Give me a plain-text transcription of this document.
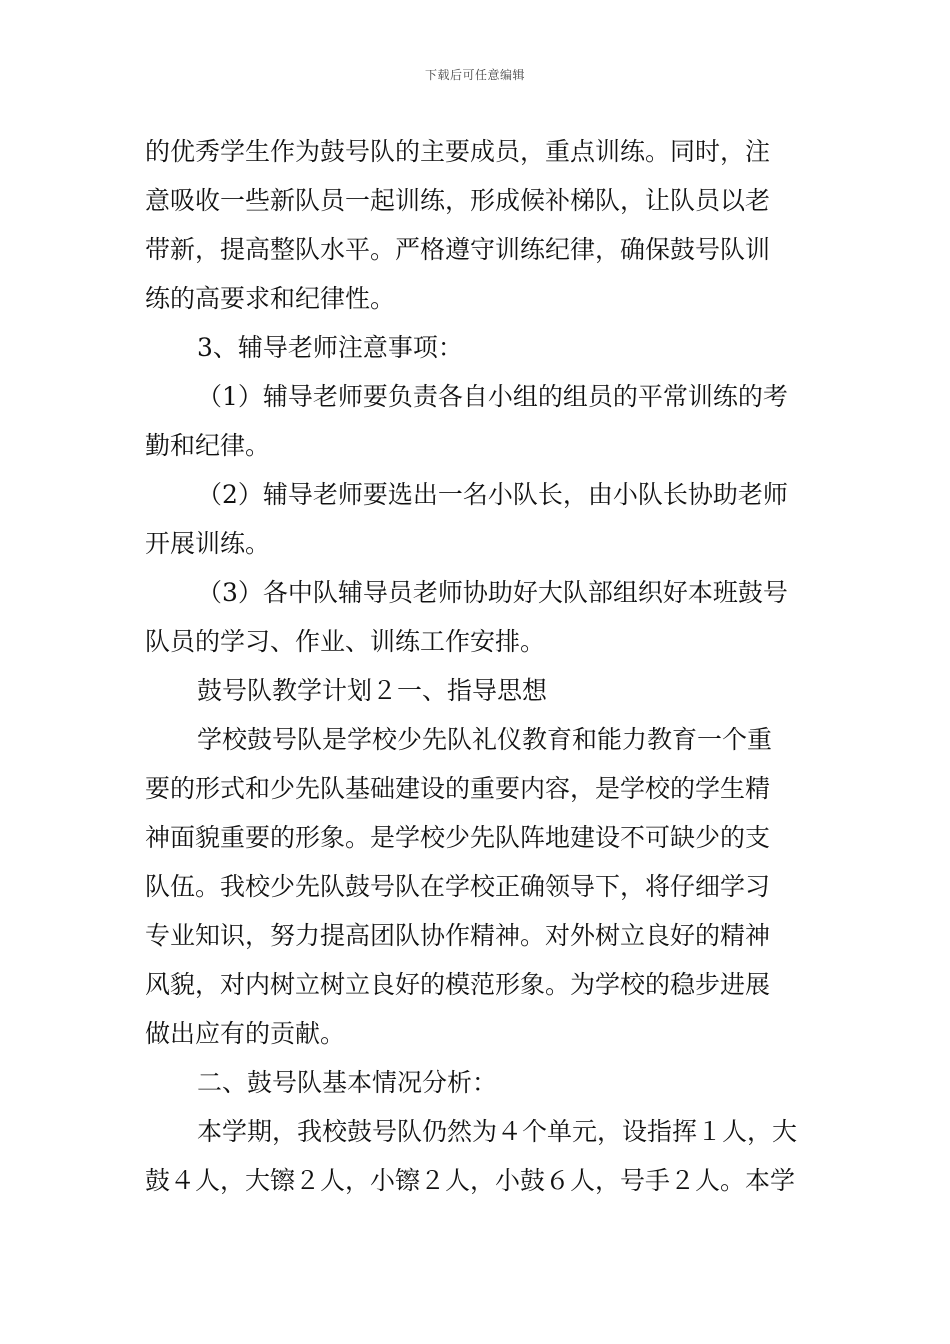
下载后可任意编辑
的优秀学生作为鼓号队的主要成员，重点训练。同时，注
意吸收一些新队员一起训练，形成候补梯队，让队员以老
带新，提高整队水平。严格遵守训练纪律，确保鼓号队训
练的高要求和纪律性。
3、辅导老师注意事项：
（1）辅导老师要负责各自小组的组员的平常训练的考
勤和纪律。
（2）辅导老师要选出一名小队长，由小队长协助老师
开展训练。
（3）各中队辅导员老师协助好大队部组织好本班鼓号
队员的学习、作业、训练工作安排。
鼓号队教学计划２一、指导思想
学校鼓号队是学校少先队礼仪教育和能力教育一个重
要的形式和少先队基础建设的重要内容，是学校的学生精
神面貌重要的形象。是学校少先队阵地建设不可缺少的支
队伍。我校少先队鼓号队在学校正确领导下，将仔细学习
专业知识，努力提高团队协作精神。对外树立良好的精神
风貌，对内树立树立良好的模范形象。为学校的稳步进展
做出应有的贡献。
二、鼓号队基本情况分析：
本学期，我校鼓号队仍然为４个单元，设指挥１人，大
鼓４人，大镲２人，小镲２人，小鼓６人，号手２人。本学
